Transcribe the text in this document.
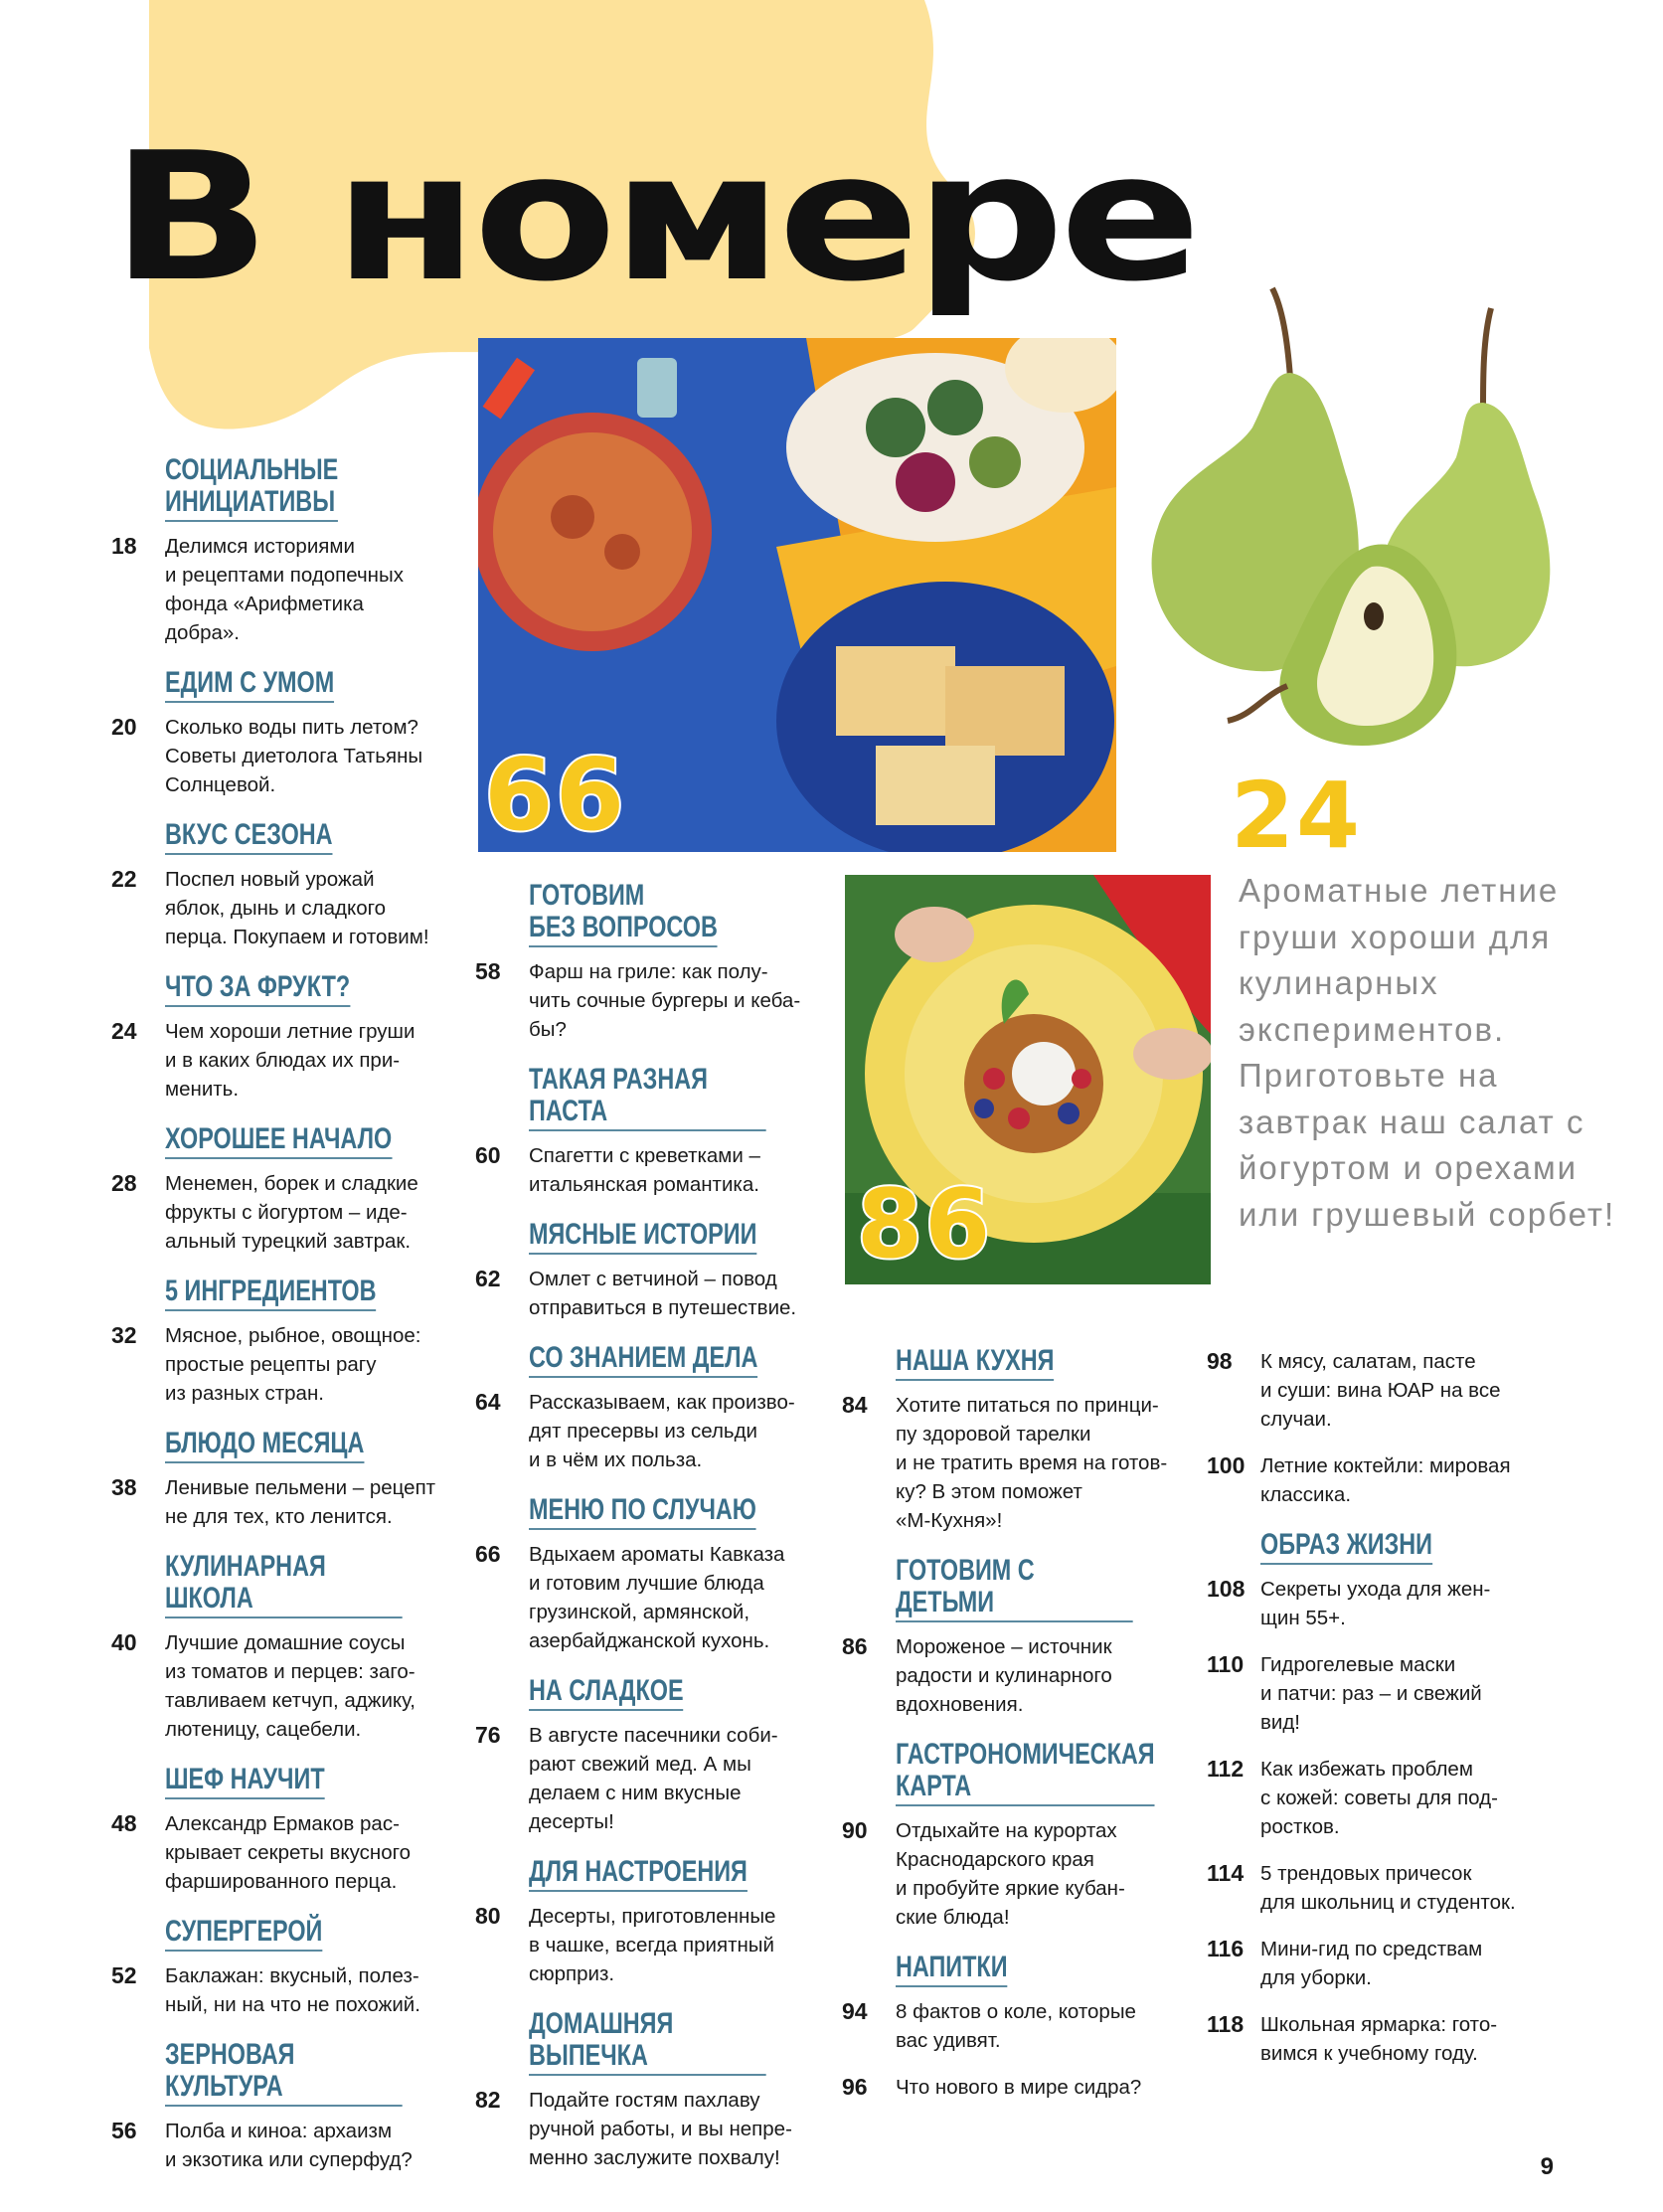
В номере
66
86
24
Ароматные летние груши хороши для кулинарных экспериментов. Приготовьте на завтрак наш салат с йогуртом и орехами или грушевый сорбет!
СОЦИАЛЬНЫЕ
ИНИЦИАТИВЫ
18	Делимся историями
и рецептами подопечных
фонда «Арифметика
добра».
ЕДИМ С УМОМ
20	Сколько воды пить летом?
Советы диетолога Татьяны
Солнцевой.
ВКУС СЕЗОНА
22	Поспел новый урожай
яблок, дынь и сладкого
перца. Покупаем и готовим!
ЧТО ЗА ФРУКТ?
24	Чем хороши летние груши
и в каких блюдах их при-
менить.
ХОРОШЕЕ НАЧАЛО
28	Менемен, борек и сладкие
фрукты с йогуртом – иде-
альный турецкий завтрак.
5 ИНГРЕДИЕНТОВ
32	Мясное, рыбное, овощное:
простые рецепты рагу
из разных стран.
БЛЮДО МЕСЯЦА
38	Ленивые пельмени – рецепт
не для тех, кто ленится.
КУЛИНАРНАЯ ШКОЛА
40	Лучшие домашние соусы
из томатов и перцев: заго-
тавливаем кетчуп, аджику,
лютеницу, сацебели.
ШЕФ НАУЧИТ
48	Александр Ермаков рас-
крывает секреты вкусного
фаршированного перца.
СУПЕРГЕРОЙ
52	Баклажан: вкусный, полез-
ный, ни на что не похожий.
ЗЕРНОВАЯ КУЛЬТУРА
56	Полба и киноа: архаизм
и экзотика или суперфуд?
ГОТОВИМ
БЕЗ ВОПРОСОВ
58	Фарш на гриле: как полу-
чить сочные бургеры и кеба-
бы?
ТАКАЯ РАЗНАЯ ПАСТА
60	Спагетти с креветками –
итальянская романтика.
МЯСНЫЕ ИСТОРИИ
62	Омлет с ветчиной – повод
отправиться в путешествие.
СО ЗНАНИЕМ ДЕЛА
64	Рассказываем, как произво-
дят пресервы из сельди
и в чём их польза.
МЕНЮ ПО СЛУЧАЮ
66	Вдыхаем ароматы Кавказа
и готовим лучшие блюда
грузинской, армянской,
азербайджанской кухонь.
НА СЛАДКОЕ
76	В августе пасечники соби-
рают свежий мед. А мы
делаем с ним вкусные
десерты!
ДЛЯ НАСТРОЕНИЯ
80	Десерты, приготовленные
в чашке, всегда приятный
сюрприз.
ДОМАШНЯЯ ВЫПЕЧКА
82	Подайте гостям пахлаву
ручной работы, и вы непре-
менно заслужите похвалу!
НАША КУХНЯ
84	Хотите питаться по принци-
пу здоровой тарелки
и не тратить время на готов-
ку? В этом поможет
«М-Кухня»!
ГОТОВИМ С ДЕТЬМИ
86	Мороженое – источник
радости и кулинарного
вдохновения.
ГАСТРОНОМИЧЕСКАЯ
КАРТА
90	Отдыхайте на курортах
Краснодарского края
и пробуйте яркие кубан-
ские блюда!
НАПИТКИ
94	8 фактов о коле, которые
вас удивят.
96	Что нового в мире сидра?
98	К мясу, салатам, пасте
и суши: вина ЮАР на все
случаи.
100 Летние коктейли: мировая
классика.
ОБРАЗ ЖИЗНИ
108 Секреты ухода для жен-
щин 55+.
110 Гидрогелевые маски
и патчи: раз – и свежий
вид!
112 Как избежать проблем
с кожей: советы для под-
ростков.
114 5 трендовых причесок
для школьниц и студенток.
116 Мини-гид по средствам
для уборки.
118 Школьная ярмарка: гото-
вимся к учебному году.
9
